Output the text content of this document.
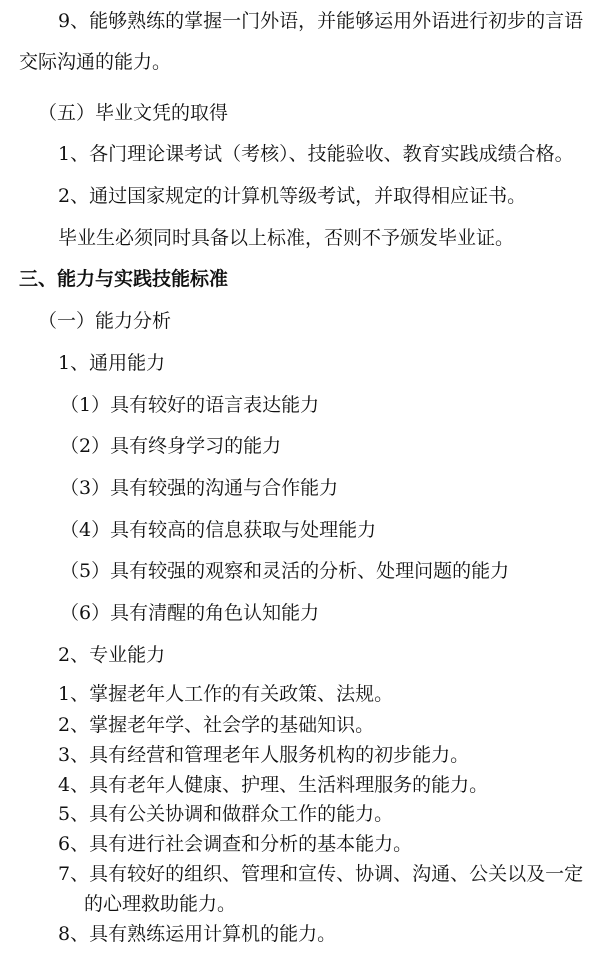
9、能够熟练的掌握一门外语，并能够运用外语进行初步的言语
交际沟通的能力。
（五）毕业文凭的取得
1、各门理论课考试（考核）、技能验收、教育实践成绩合格。
2、通过国家规定的计算机等级考试，并取得相应证书。
毕业生必须同时具备以上标准，否则不予颁发毕业证。
三、能力与实践技能标准
（一）能力分析
1、通用能力
（1）具有较好的语言表达能力
（2）具有终身学习的能力
（3）具有较强的沟通与合作能力
（4）具有较高的信息获取与处理能力
（5）具有较强的观察和灵活的分析、处理问题的能力
（6）具有清醒的角色认知能力
2、专业能力
1、掌握老年人工作的有关政策、法规。
2、掌握老年学、社会学的基础知识。
3、具有经营和管理老年人服务机构的初步能力。
4、具有老年人健康、护理、生活料理服务的能力。
5、具有公关协调和做群众工作的能力。
6、具有进行社会调查和分析的基本能力。
7、具有较好的组织、管理和宣传、协调、沟通、公关以及一定
的心理救助能力。
8、具有熟练运用计算机的能力。
